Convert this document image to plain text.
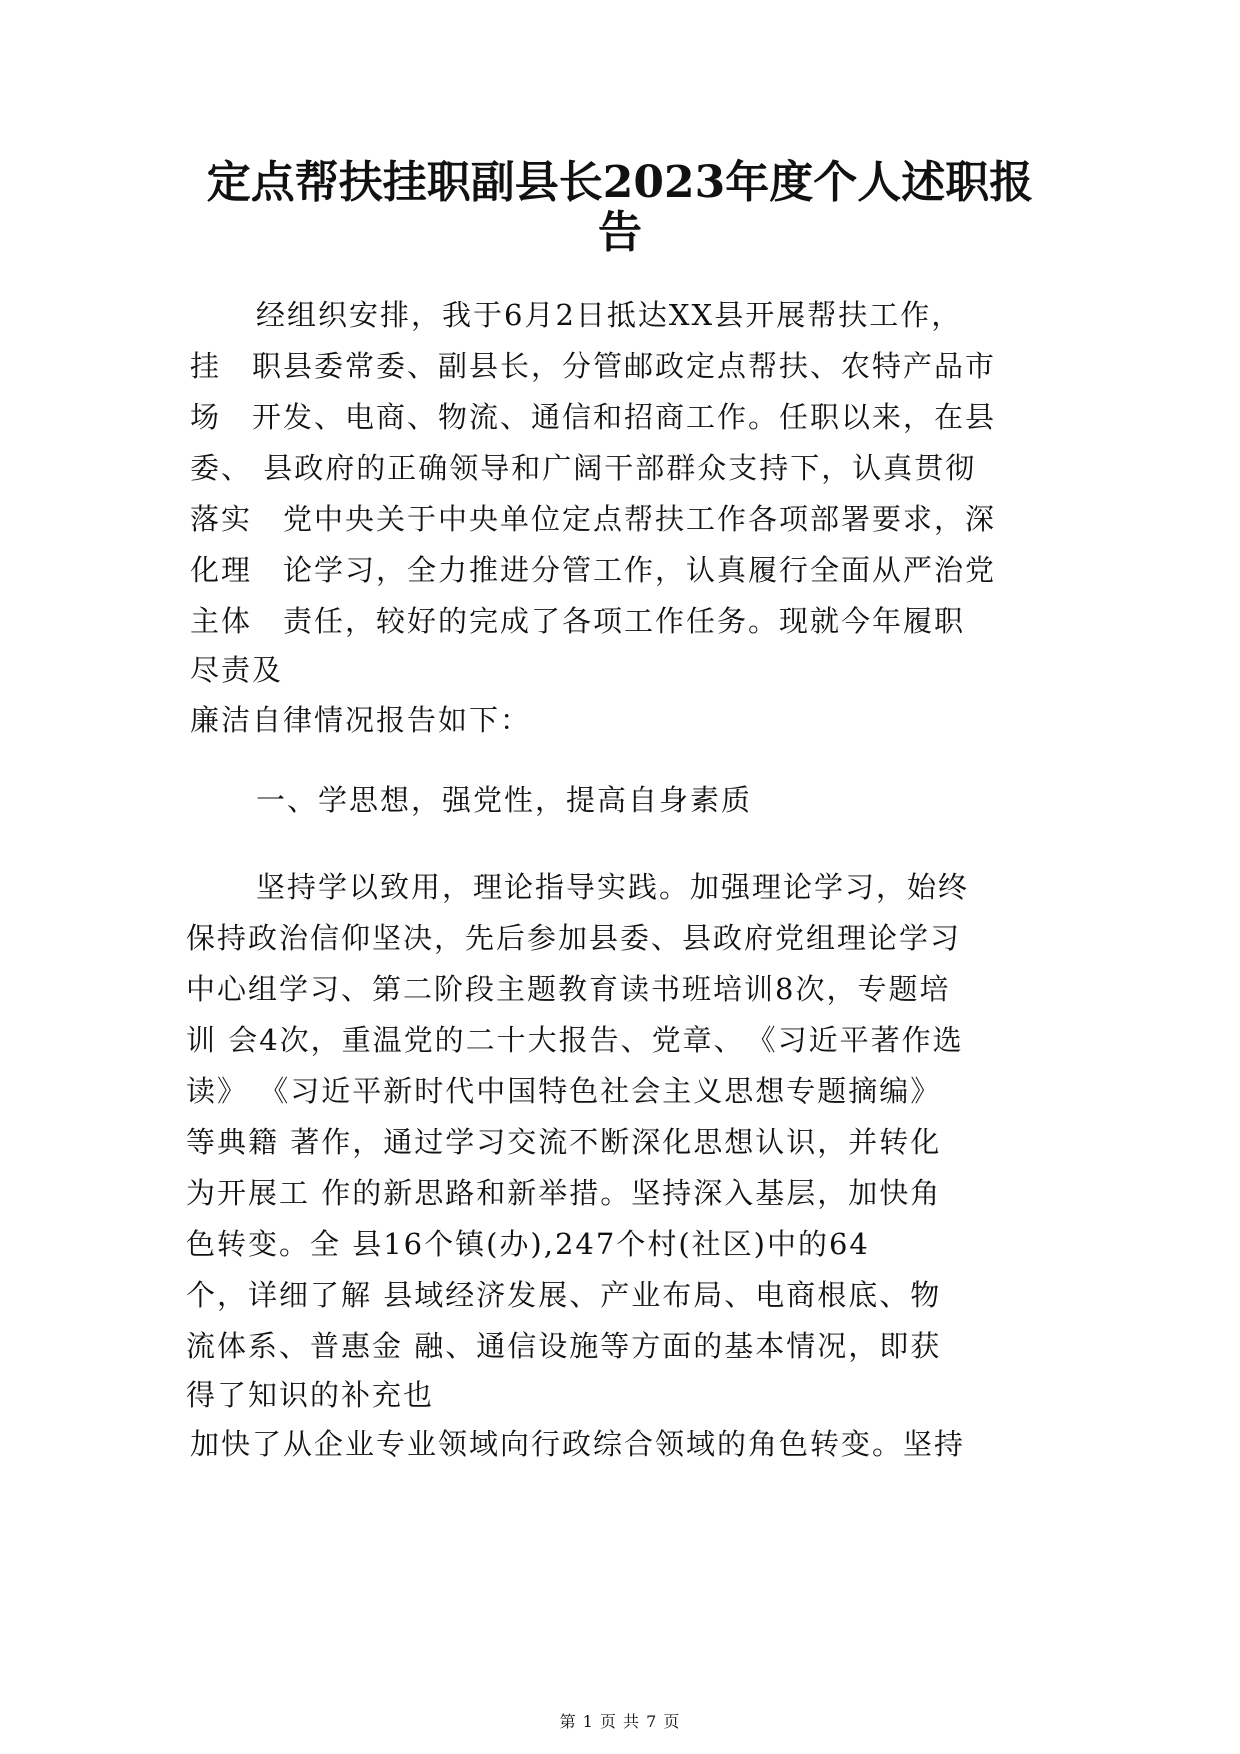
定点帮扶挂职副县长2023年度个人述职报
告

经组织安排，我于6月2日抵达XX县开展帮扶工作，

挂　职县委常委、副县长，分管邮政定点帮扶、农特产品市

场　开发、电商、物流、通信和招商工作。任职以来，在县

委、 县政府的正确领导和广阔干部群众支持下，认真贯彻

落实　党中央关于中央单位定点帮扶工作各项部署要求，深

化理　论学习，全力推进分管工作，认真履行全面从严治党

主体　责任，较好的完成了各项工作任务。现就今年履职

尽责及

廉洁自律情况报告如下：

一、学思想，强党性，提高自身素质

坚持学以致用，理论指导实践。加强理论学习，始终

保持政治信仰坚决，先后参加县委、县政府党组理论学习

中心组学习、第二阶段主题教育读书班培训8次，专题培

训 会4次，重温党的二十大报告、党章、　《习近平著作选

读》 《习近平新时代中国特色社会主义思想专题摘编》

等典籍 著作，通过学习交流不断深化思想认识，并转化

为开展工 作的新思路和新举措。坚持深入基层，加快角

色转变。全 县16个镇(办),247个村(社区)中的64

个，详细了解 县域经济发展、产业布局、电商根底、物

流体系、普惠金 融、通信设施等方面的基本情况，即获

得了知识的补充也

加快了从企业专业领域向行政综合领域的角色转变。坚持

第 1 页 共 7 页
